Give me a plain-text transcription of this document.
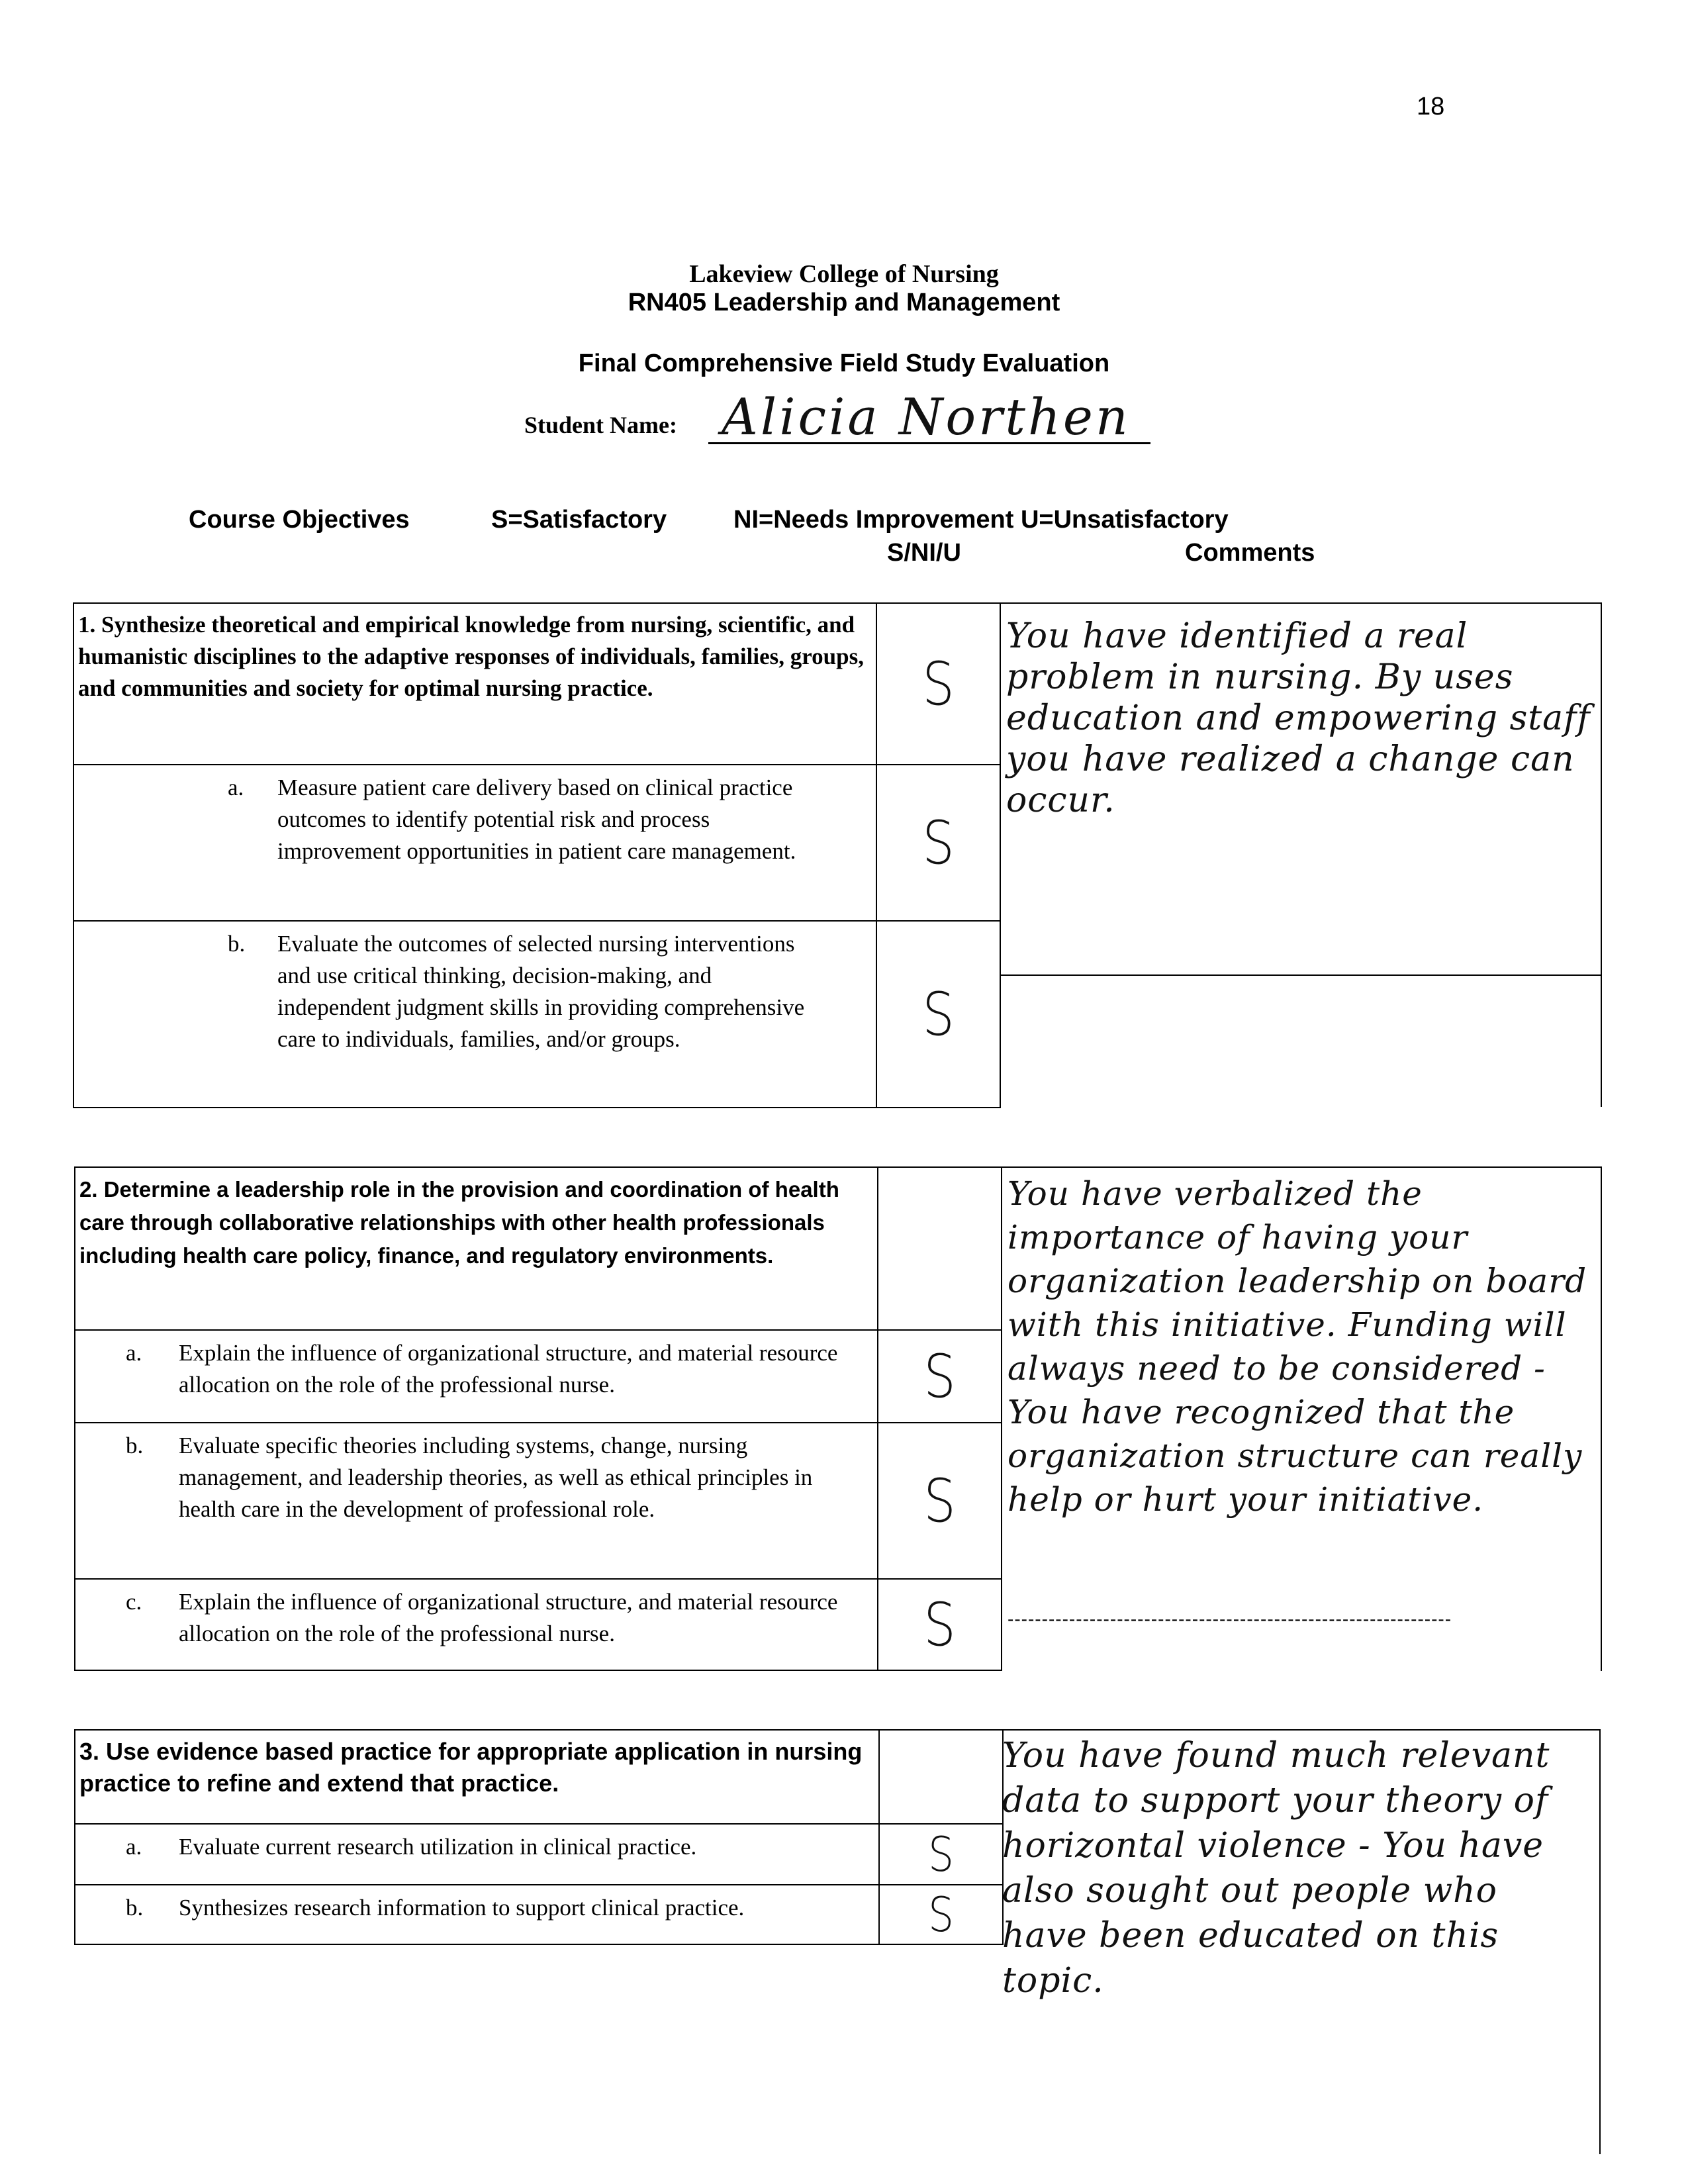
18
Lakeview College of Nursing
RN405 Leadership and Management
Final Comprehensive Field Study Evaluation
Student Name: Alicia Northen
Course Objectives	S=Satisfactory	NI=Needs Improvement U=Unsatisfactory
S/NI/U	Comments
1. Synthesize theoretical and empirical knowledge from nursing, scientific, and humanistic disciplines to the adaptive responses of individuals, families, groups, and communities and society for optimal nursing practice.	S

a. Measure patient care delivery based on clinical practice outcomes to identify potential risk and process improvement opportunities in patient care management.	S

b. Evaluate the outcomes of selected nursing interventions and use critical thinking, decision-making, and independent judgment skills in providing comprehensive care to individuals, families, and/or groups.	S
You have identified a real problem in nursing. By uses education and empowering staff you have realized a change can occur.
2. Determine a leadership role in the provision and coordination of health care through collaborative relationships with other health professionals including health care policy, finance, and regulatory environments.	

a. Explain the influence of organizational structure, and material resource allocation on the role of the professional nurse.	S

b. Evaluate specific theories including systems, change, nursing management, and leadership theories, as well as ethical principles in health care in the development of professional role.	S

c. Explain the influence of organizational structure, and material resource allocation on the role of the professional nurse.	S
You have verbalized the importance of having your organization leadership on board with this initiative. Funding will always need to be considered - You have recognized that the organization structure can really help or hurt your initiative.
-----------------------------------------------------------------
3. Use evidence based practice for appropriate application in nursing practice to refine and extend that practice.	

a. Evaluate current research utilization in clinical practice.	S

b. Synthesizes research information to support clinical practice.	S
You have found much relevant data to support your theory of horizontal violence - You have also sought out people who have been educated on this topic.
